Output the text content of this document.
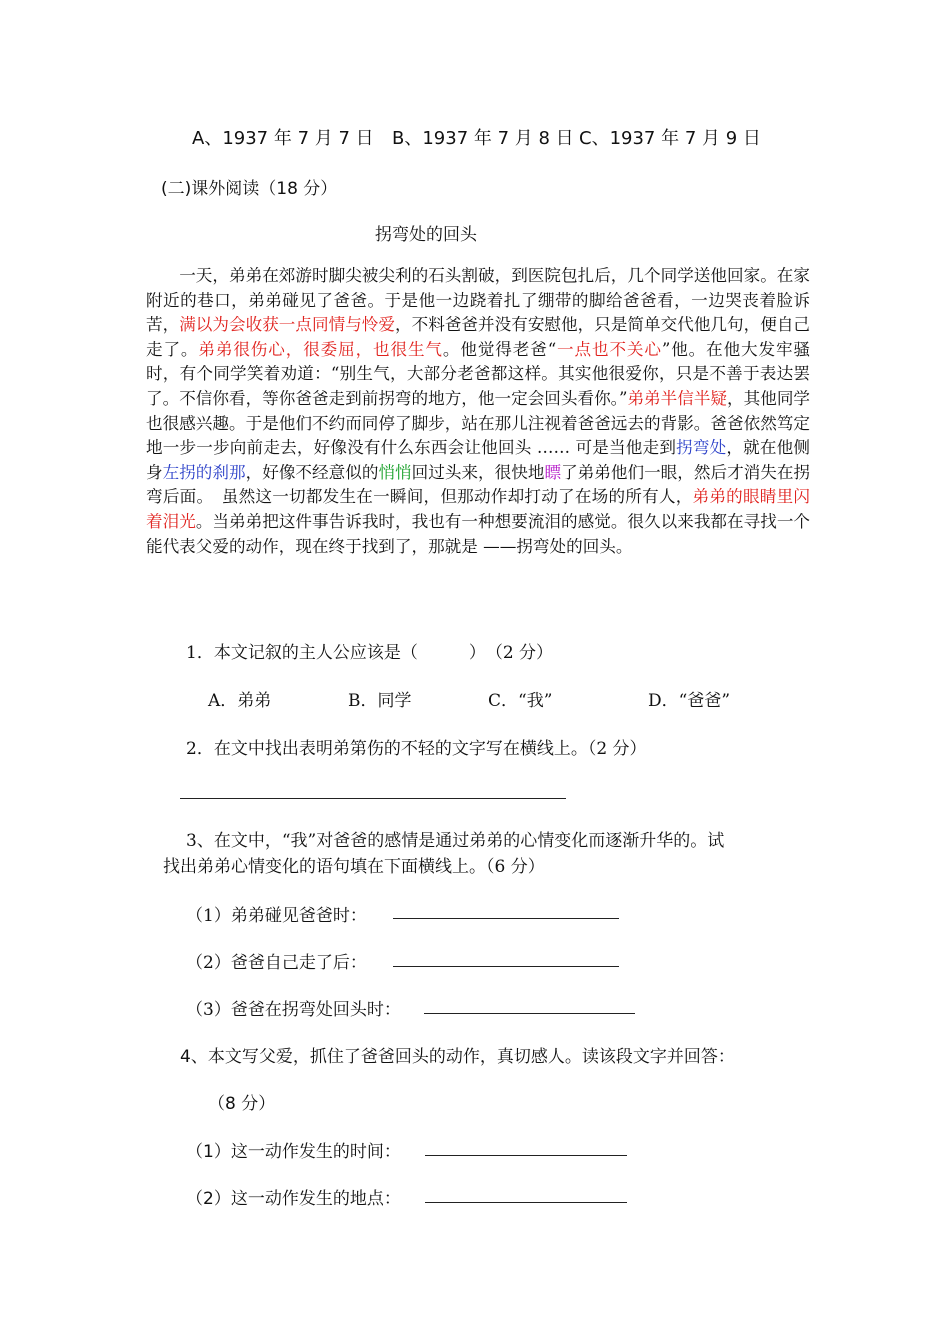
A、1937 年 7 月 7 日 B、1937 年 7 月 8 日 C、1937 年 7 月 9 日
(二)课外阅读（18 分）
拐弯处的回头
　　一天，弟弟在郊游时脚尖被尖利的石头割破，到医院包扎后，几个同学送他回家。在家附近的巷口，弟弟碰见了爸爸。于是他一边跷着扎了绷带的脚给爸爸看，一边哭丧着脸诉苦，满以为会收获一点同情与怜爱，不料爸爸并没有安慰他，只是简单交代他几句，便自己走了。弟弟很伤心，很委屈，也很生气。他觉得老爸“一点也不关心”他。在他大发牢骚时，有个同学笑着劝道：“别生气，大部分老爸都这样。其实他很爱你，只是不善于表达罢了。不信你看，等你爸爸走到前拐弯的地方，他一定会回头看你。”弟弟半信半疑，其他同学也很感兴趣。于是他们不约而同停了脚步，站在那儿注视着爸爸远去的背影。爸爸依然笃定地一步一步向前走去，好像没有什么东西会让他回头 …… 可是当他走到拐弯处，就在他侧身左拐的刹那，好像不经意似的悄悄回过头来，很快地瞟了弟弟他们一眼，然后才消失在拐弯后面。　虽然这一切都发生在一瞬间，但那动作却打动了在场的所有人，弟弟的眼睛里闪着泪光。当弟弟把这件事告诉我时，我也有一种想要流泪的感觉。很久以来我都在寻找一个能代表父爱的动作，现在终于找到了，那就是 ——拐弯处的回头。
1．本文记叙的主人公应该是（　　　）　（2 分）
A．弟弟	B．同学	C．“我”	D．“爸爸”
2．在文中找出表明弟第伤的不轻的文字写在横线上。（2 分）
3、在文中，“我”对爸爸的感情是通过弟弟的心情变化而逐渐升华的。试
找出弟弟心情变化的语句填在下面横线上。（6 分）
（1）弟弟碰见爸爸时：
（2）爸爸自己走了后：
（3）爸爸在拐弯处回头时：
4、本文写父爱，抓住了爸爸回头的动作，真切感人。读该段文字并回答：
（8 分）
（1）这一动作发生的时间：
（2）这一动作发生的地点：
